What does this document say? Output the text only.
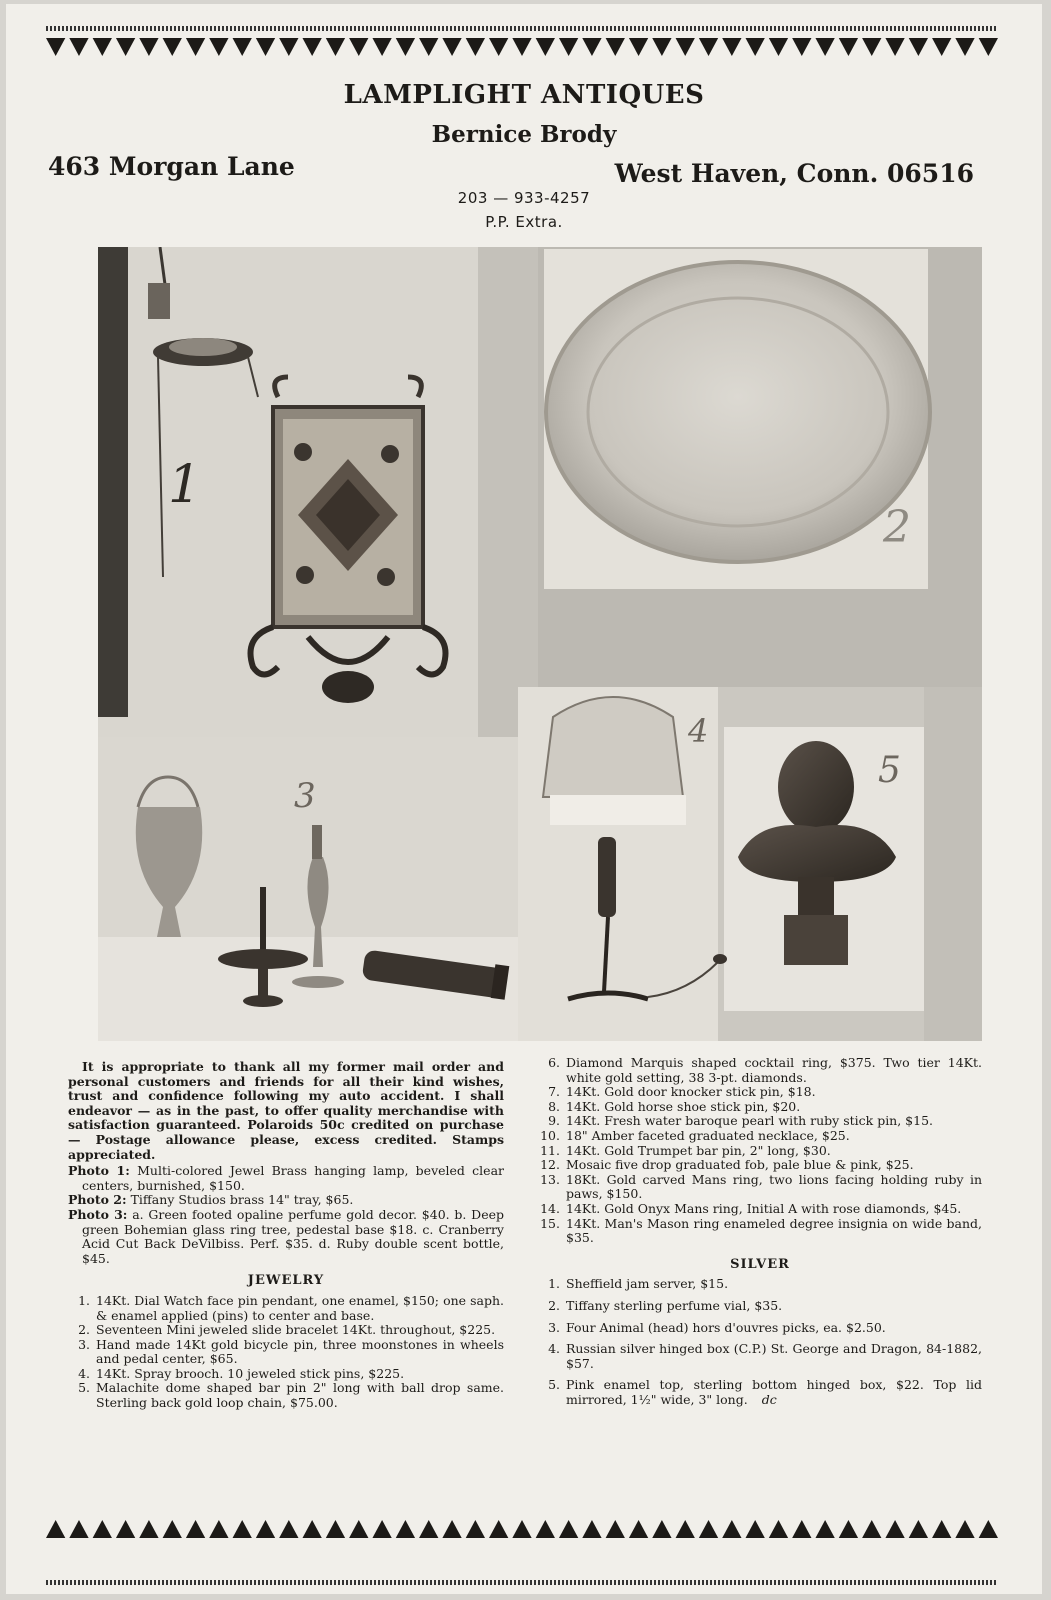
LAMPLIGHT ANTIQUES
Bernice Brody
463 Morgan Lane	West Haven, Conn. 06516
203 — 933-4257
P.P. Extra.
1
2
3
4
5

It is appropriate to thank all my former mail order and personal customers and friends for all their kind wishes, trust and confidence following my auto accident. I shall endeavor — as in the past, to offer quality merchandise with satisfaction guaranteed. Polaroids 50c credited on purchase — Postage allowance please, excess credited. Stamps appreciated.

Photo 1: Multi-colored Jewel Brass hanging lamp, beveled clear centers, burnished, $150.

Photo 2: Tiffany Studios brass 14" tray, $65.

Photo 3: a. Green footed opaline perfume gold decor. $40. b. Deep green Bohemian glass ring tree, pedestal base $18. c. Cranberry Acid Cut Back DeVilbiss. Perf. $35. d. Ruby double scent bottle, $45.

JEWELRY
1. 14Kt. Dial Watch face pin pendant, one enamel, $150; one saph. & enamel applied (pins) to center and base.
2. Seventeen Mini jeweled slide bracelet 14Kt. throughout, $225.
3. Hand made 14Kt gold bicycle pin, three moonstones in wheels and pedal center, $65.
4. 14Kt. Spray brooch. 10 jeweled stick pins, $225.
5. Malachite dome shaped bar pin 2" long with ball drop same. Sterling back gold loop chain, $75.00.
6. Diamond Marquis shaped cocktail ring, $375. Two tier 14Kt. white gold setting, 38 3-pt. diamonds.
7. 14Kt. Gold door knocker stick pin, $18.
8. 14Kt. Gold horse shoe stick pin, $20.
9. 14Kt. Fresh water baroque pearl with ruby stick pin, $15.
10. 18" Amber faceted graduated necklace, $25.
11. 14Kt. Gold Trumpet bar pin, 2" long, $30.
12. Mosaic five drop graduated fob, pale blue & pink, $25.
13. 18Kt. Gold carved Mans ring, two lions facing holding ruby in paws, $150.
14. 14Kt. Gold Onyx Mans ring, Initial A with rose diamonds, $45.
15. 14Kt. Man's Mason ring enameled degree insignia on wide band, $35.
SILVER
1. Sheffield jam server, $15.
2. Tiffany sterling perfume vial, $35.
3. Four Animal (head) hors d'ouvres picks, ea. $2.50.
4. Russian silver hinged box (C.P.) St. George and Dragon, 84-1882, $57.
5. Pink enamel top, sterling bottom hinged box, $22. Top lid mirrored, 1½" wide, 3" long. dc
